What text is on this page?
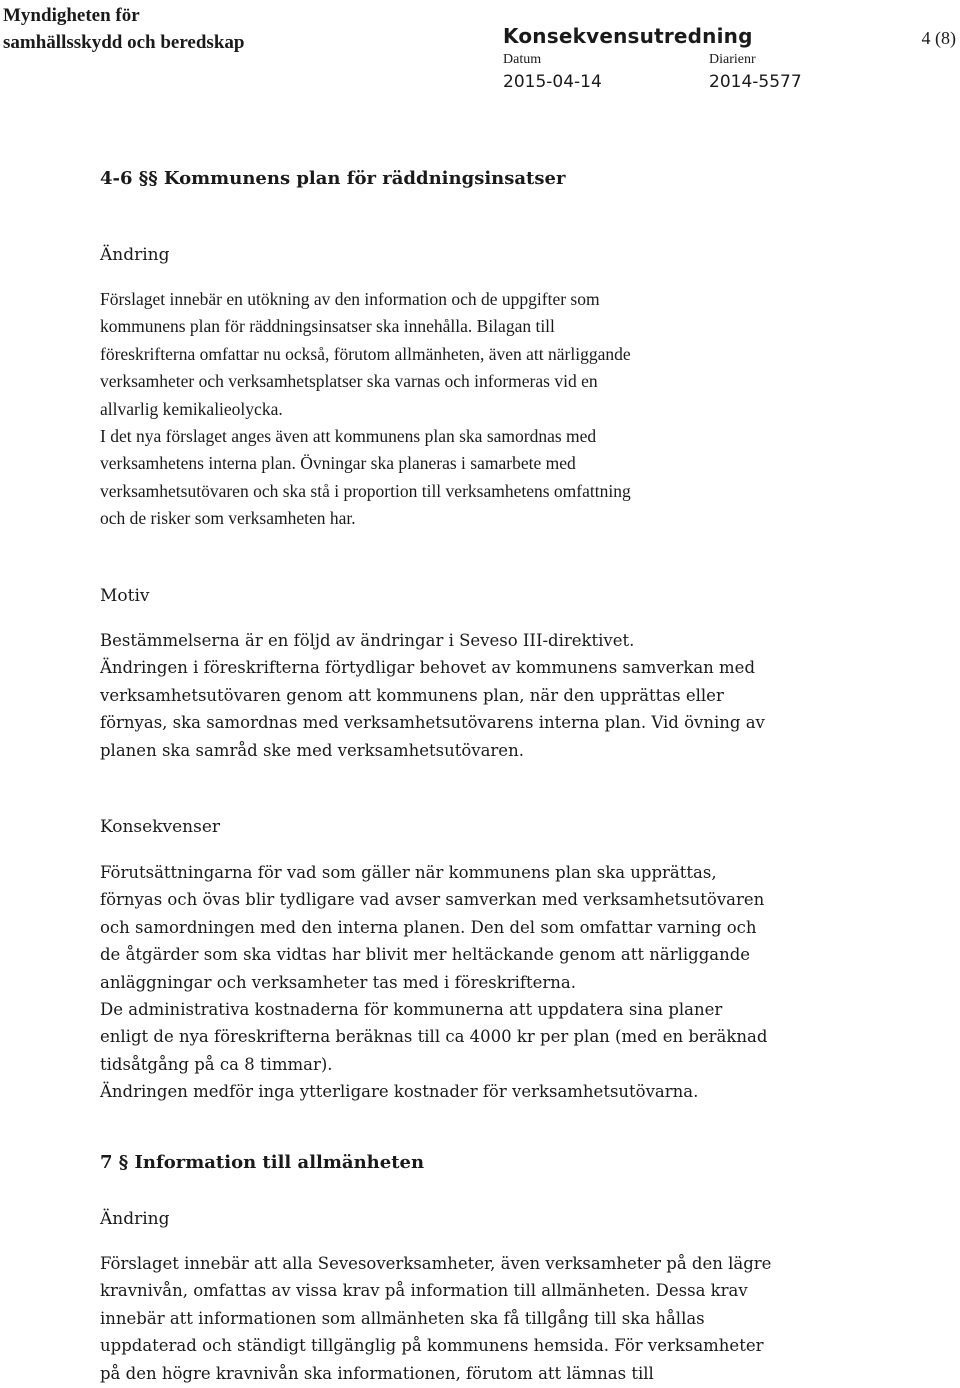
Myndigheten för
samhällsskydd och beredskap	Konsekvensutredning	4 (8)
Datum
2015-04-14
Diarienr
2014-5577
4-6 §§ Kommunens plan för räddningsinsatser
Ändring
Förslaget innebär en utökning av den information och de uppgifter som
kommunens plan för räddningsinsatser ska innehålla. Bilagan till
föreskrifterna omfattar nu också, förutom allmänheten, även att närliggande
verksamheter och verksamhetsplatser ska varnas och informeras vid en
allvarlig kemikalieolycka.
I det nya förslaget anges även att kommunens plan ska samordnas med
verksamhetens interna plan. Övningar ska planeras i samarbete med
verksamhetsutövaren och ska stå i proportion till verksamhetens omfattning
och de risker som verksamheten har.
Motiv
Bestämmelserna är en följd av ändringar i Seveso III-direktivet.
Ändringen i föreskrifterna förtydligar behovet av kommunens samverkan med
verksamhetsutövaren genom att kommunens plan, när den upprättas eller
förnyas, ska samordnas med verksamhetsutövarens interna plan. Vid övning av
planen ska samråd ske med verksamhetsutövaren.
Konsekvenser
Förutsättningarna för vad som gäller när kommunens plan ska upprättas,
förnyas och övas blir tydligare vad avser samverkan med verksamhetsutövaren
och samordningen med den interna planen. Den del som omfattar varning och
de åtgärder som ska vidtas har blivit mer heltäckande genom att närliggande
anläggningar och verksamheter tas med i föreskrifterna.
De administrativa kostnaderna för kommunerna att uppdatera sina planer
enligt de nya föreskrifterna beräknas till ca 4000 kr per plan (med en beräknad
tidsåtgång på ca 8 timmar).
Ändringen medför inga ytterligare kostnader för verksamhetsutövarna.
7 § Information till allmänheten
Ändring
Förslaget innebär att alla Sevesoverksamheter, även verksamheter på den lägre
kravnivån, omfattas av vissa krav på information till allmänheten. Dessa krav
innebär att informationen som allmänheten ska få tillgång till ska hållas
uppdaterad och ständigt tillgänglig på kommunens hemsida. För verksamheter
på den högre kravnivån ska informationen, förutom att lämnas till
